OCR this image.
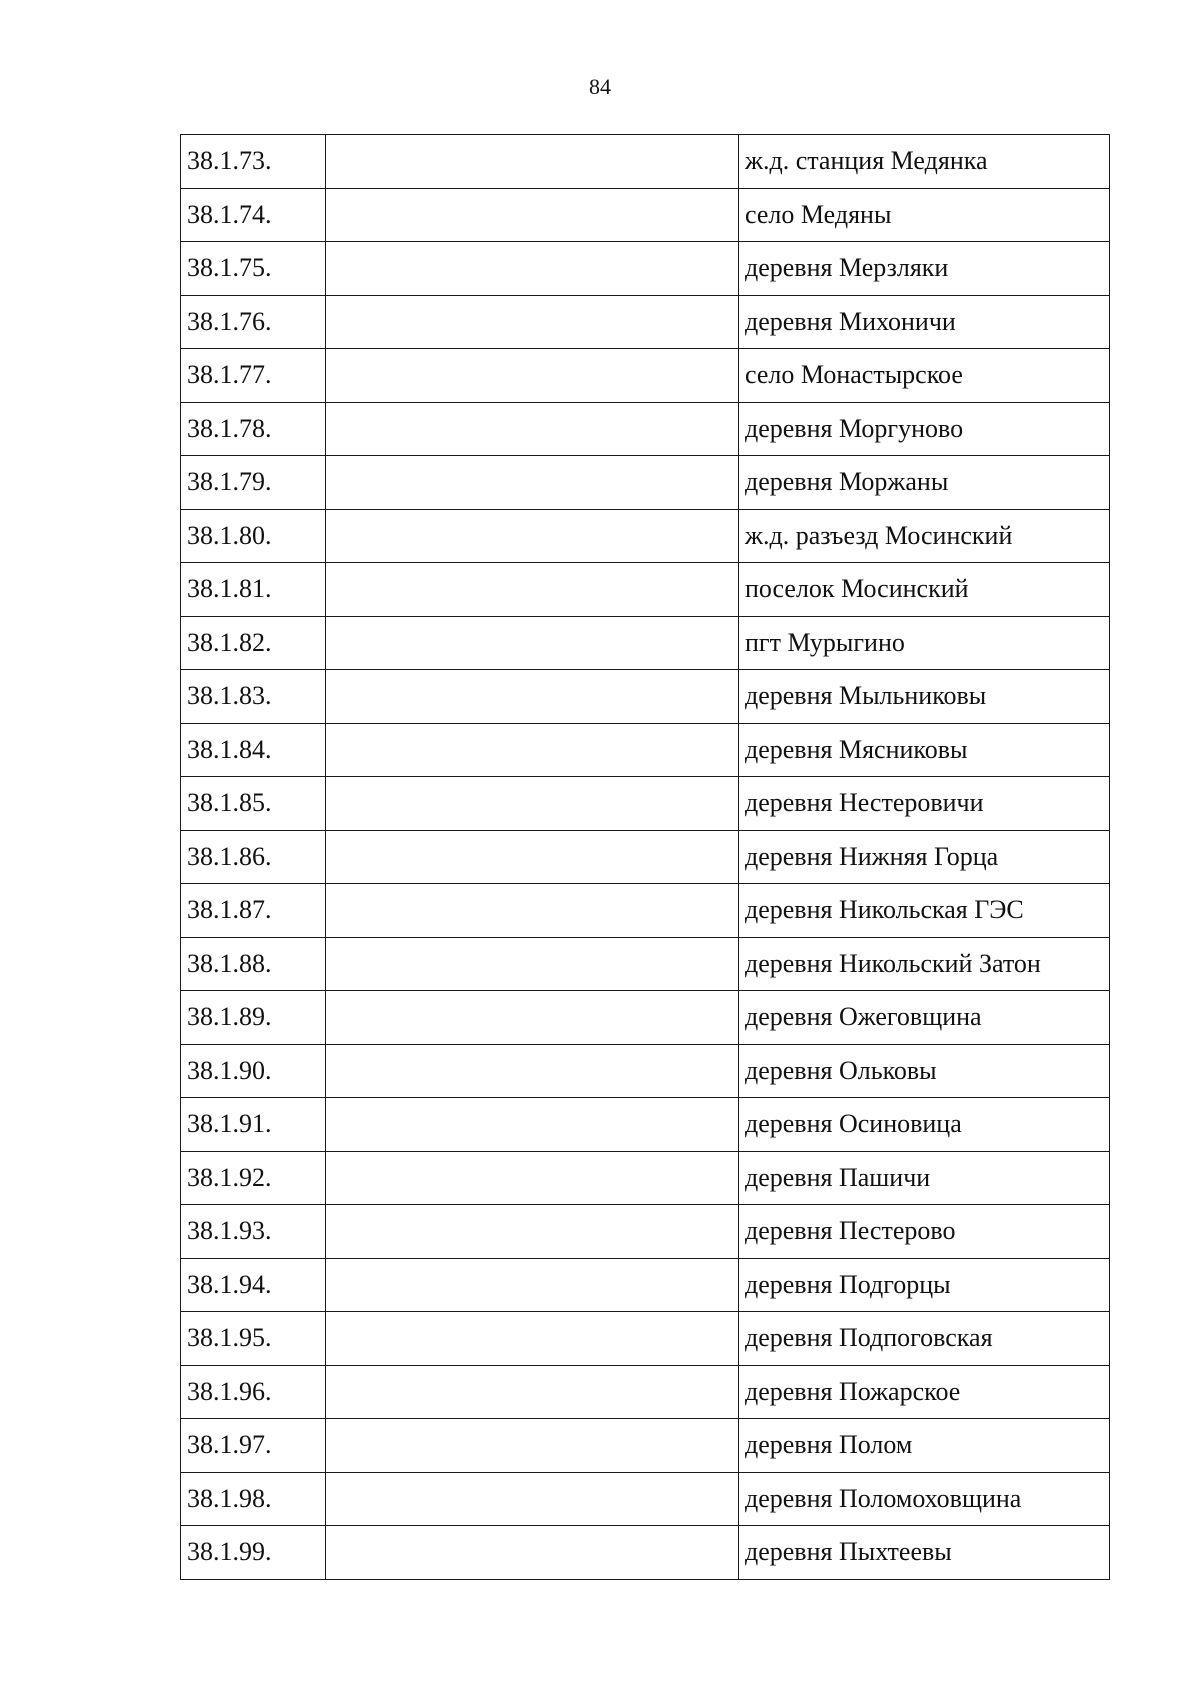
84
38.1.73.		ж.д. станция Медянка
38.1.74.		село Медяны
38.1.75.		деревня Мерзляки
38.1.76.		деревня Михоничи
38.1.77.		село Монастырское
38.1.78.		деревня Моргуново
38.1.79.		деревня Моржаны
38.1.80.		ж.д. разъезд Мосинский
38.1.81.		поселок Мосинский
38.1.82.		пгт Мурыгино
38.1.83.		деревня Мыльниковы
38.1.84.		деревня Мясниковы
38.1.85.		деревня Нестеровичи
38.1.86.		деревня Нижняя Горца
38.1.87.		деревня Никольская ГЭС
38.1.88.		деревня Никольский Затон
38.1.89.		деревня Ожеговщина
38.1.90.		деревня Ольковы
38.1.91.		деревня Осиновица
38.1.92.		деревня Пашичи
38.1.93.		деревня Пестерово
38.1.94.		деревня Подгорцы
38.1.95.		деревня Подпоговская
38.1.96.		деревня Пожарское
38.1.97.		деревня Полом
38.1.98.		деревня Поломоховщина
38.1.99.		деревня Пыхтеевы
